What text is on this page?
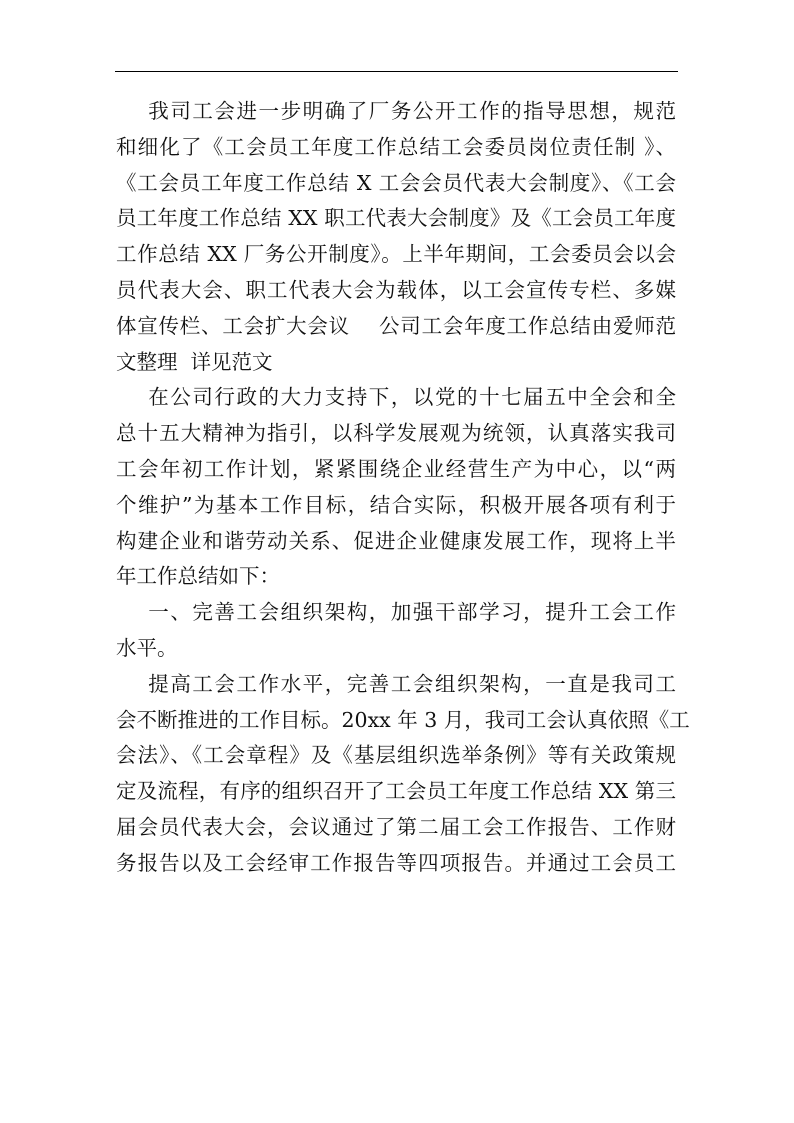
我司工会进一步明确了厂务公开工作的指导思想，规范
和细化了《工会员工年度工作总结工会委员岗位责任制 》、
《工会员工年度工作总结 X 工会会员代表大会制度》、《工会
员工年度工作总结 XX 职工代表大会制度》及《工会员工年度
工作总结 XX 厂务公开制度》。上半年期间，工会委员会以会
员代表大会、职工代表大会为载体，以工会宣传专栏、多媒
体宣传栏、工会扩大会议    公司工会年度工作总结由爱师范
文整理  详见范文
在公司行政的大力支持下，以党的十七届五中全会和全
总十五大精神为指引，以科学发展观为统领，认真落实我司
工会年初工作计划，紧紧围绕企业经营生产为中心，以“两
个维护”为基本工作目标，结合实际，积极开展各项有利于
构建企业和谐劳动关系、促进企业健康发展工作，现将上半
年工作总结如下：
一、完善工会组织架构，加强干部学习，提升工会工作
水平。
提高工会工作水平，完善工会组织架构，一直是我司工
会不断推进的工作目标。20xx 年 3 月，我司工会认真依照《工
会法》、《工会章程》及《基层组织选举条例》等有关政策规
定及流程，有序的组织召开了工会员工年度工作总结 XX 第三
届会员代表大会，会议通过了第二届工会工作报告、工作财
务报告以及工会经审工作报告等四项报告。并通过工会员工
